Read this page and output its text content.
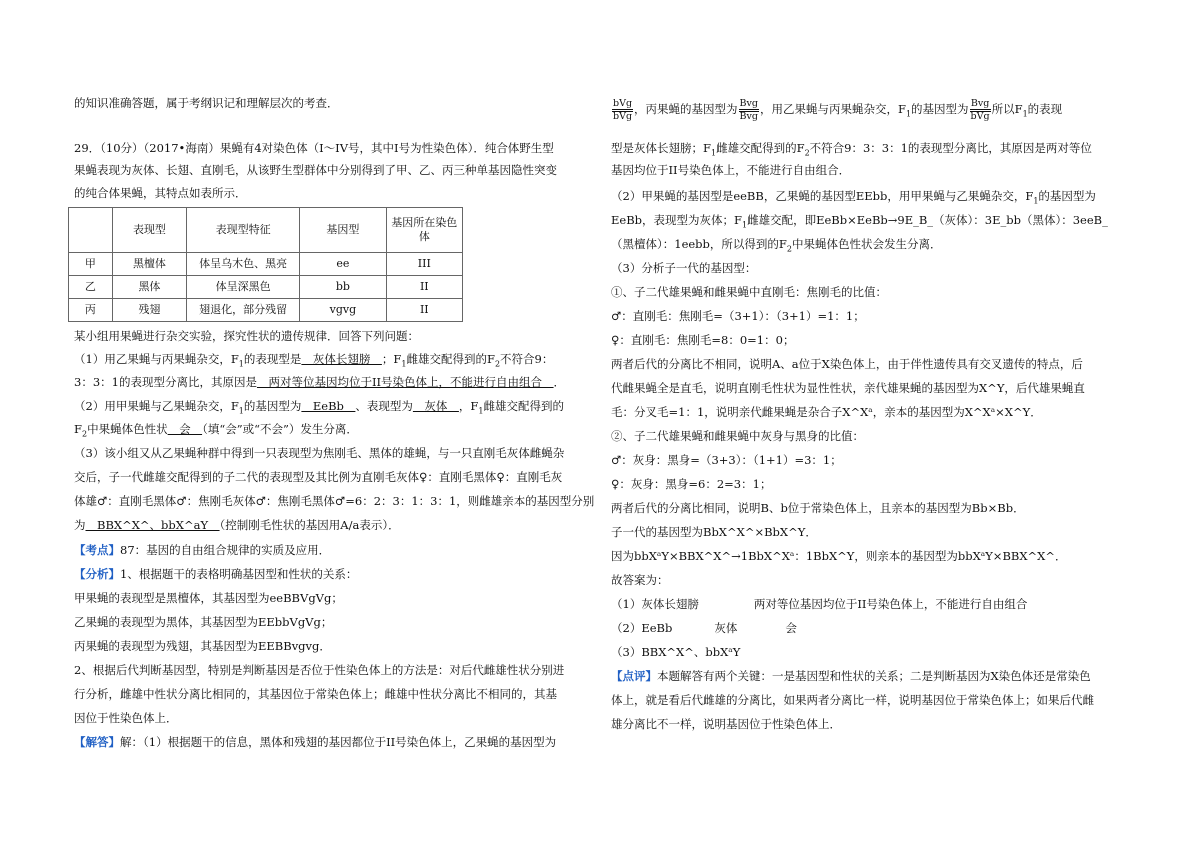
的知识准确答题，属于考纲识记和理解层次的考查．
29．（10分）（2017•海南）果蝇有4对染色体（I～IV号，其中I号为性染色体）．纯合体野生型
果蝇表现为灰体、长翅、直刚毛，从该野生型群体中分别得到了甲、乙、丙三种单基因隐性突变
的纯合体果蝇，其特点如表所示．
某小组用果蝇进行杂交实验，探究性状的遗传规律．回答下列问题：
（1）用乙果蝇与丙果蝇杂交，$F_1$的表现型是　灰体长翅膀　；$F_1$雌雄交配得到的$F_2$不符合9：
3：3：1的表现型分离比，其原因是　两对等位基因均位于II号染色体上，不能进行自由组合　．
（2）用甲果蝇与乙果蝇杂交，$F_1$的基因型为　EeBb　、表现型为　灰体　，$F_1$雌雄交配得到的
$F_2$中果蝇体色性状　会　（填“会”或“不会”）发生分离．
（3）该小组又从乙果蝇种群中得到一只表现型为焦刚毛、黑体的雄蝇，与一只直刚毛灰体雌蝇杂
交后，子一代雌雄交配得到的子二代的表现型及其比例为直刚毛灰体♀：直刚毛黑体♀：直刚毛灰
体雄♂：直刚毛黑体♂：焦刚毛灰体♂：焦刚毛黑体♂=6：2：3：1：3：1，则雌雄亲本的基因型分别
为　BBX^X^、bbX^aY　（控制刚毛性状的基因用A/a表示）．
【考点】87：基因的自由组合规律的实质及应用．
【分析】1、根据题干的表格明确基因型和性状的关系：
甲果蝇的表现型是黑檀体，其基因型为eeBBVgVg；
乙果蝇的表现型为黑体，其基因型为EEbbVgVg；
丙果蝇的表现型为残翅，其基因型为EEBBvgvg．
2、根据后代判断基因型，特别是判断基因是否位于性染色体上的方法是：对后代雌雄性状分别进
行分析，雌雄中性状分离比相同的，其基因位于常染色体上；雌雄中性状分离比不相同的，其基
因位于性染色体上．
【解答】解：（1）根据题干的信息，黑体和残翅的基因都位于II号染色体上，乙果蝇的基因型为
	表现型	表现型特征	基因型	基因所在染色体
甲	黑檀体	体呈乌木色、黑亮	ee	III
乙	黑体	体呈深黑色	bb	II
丙	残翅	翅退化，部分残留	vgvg	II
$\frac{\text{bVg}}{\text{bVg}}$ ，丙果蝇的基因型为 $\frac{\text{Bvg}}{\text{Bvg}}$ ，用乙果蝇与丙果蝇杂交，$F_1$的基因型为 $\frac{\text{Bvg}}{\text{bVg}}$ 所以$F_1$的表现
型是灰体长翅膀；$F_1$雌雄交配得到的$F_2$不符合9：3：3：1的表现型分离比，其原因是两对等位
基因均位于II号染色体上，不能进行自由组合．
（2）甲果蝇的基因型是eeBB，乙果蝇的基因型EEbb，用甲果蝇与乙果蝇杂交，$F_1$的基因型为
EeBb，表现型为灰体；$F_1$雌雄交配，即EeBb×EeBb→9E_B_（灰体）：3E_bb（黑体）：3eeB_
（黑檀体）：1eebb，所以得到的$F_2$中果蝇体色性状会发生分离．
（3）分析子一代的基因型：
①、子二代雄果蝇和雌果蝇中直刚毛：焦刚毛的比值：
♂：直刚毛：焦刚毛=（3+1）：（3+1）=1：1；
♀：直刚毛：焦刚毛=8：0=1：0；
两者后代的分离比不相同，说明A、a位于X染色体上，由于伴性遗传具有交叉遗传的特点，后
代雌果蝇全是直毛，说明直刚毛性状为显性性状，亲代雄果蝇的基因型为X^Y，后代雄果蝇直
毛：分叉毛=1：1，说明亲代雌果蝇是杂合子X^Xᵃ，亲本的基因型为X^Xᵃ×X^Y．
②、子二代雄果蝇和雌果蝇中灰身与黑身的比值：
♂：灰身：黑身=（3+3）：（1+1）=3：1；
♀：灰身：黑身=6：2=3：1；
两者后代的分离比相同，说明B、b位于常染色体上，且亲本的基因型为Bb×Bb．
子一代的基因型为BbX^X^×BbX^Y．
因为bbXᵃY×BBX^X^→1BbX^Xᵃ：1BbX^Y，则亲本的基因型为bbXᵃY×BBX^X^．
故答案为：
（1）灰体长翅膀	两对等位基因均位于II号染色体上，不能进行自由组合
（2）EeBb	灰体	会
（3）BBX^X^、bbXᵃY
【点评】本题解答有两个关键：一是基因型和性状的关系；二是判断基因为X染色体还是常染色
体上，就是看后代雌雄的分离比，如果两者分离比一样，说明基因位于常染色体上；如果后代雌
雄分离比不一样，说明基因位于性染色体上．
